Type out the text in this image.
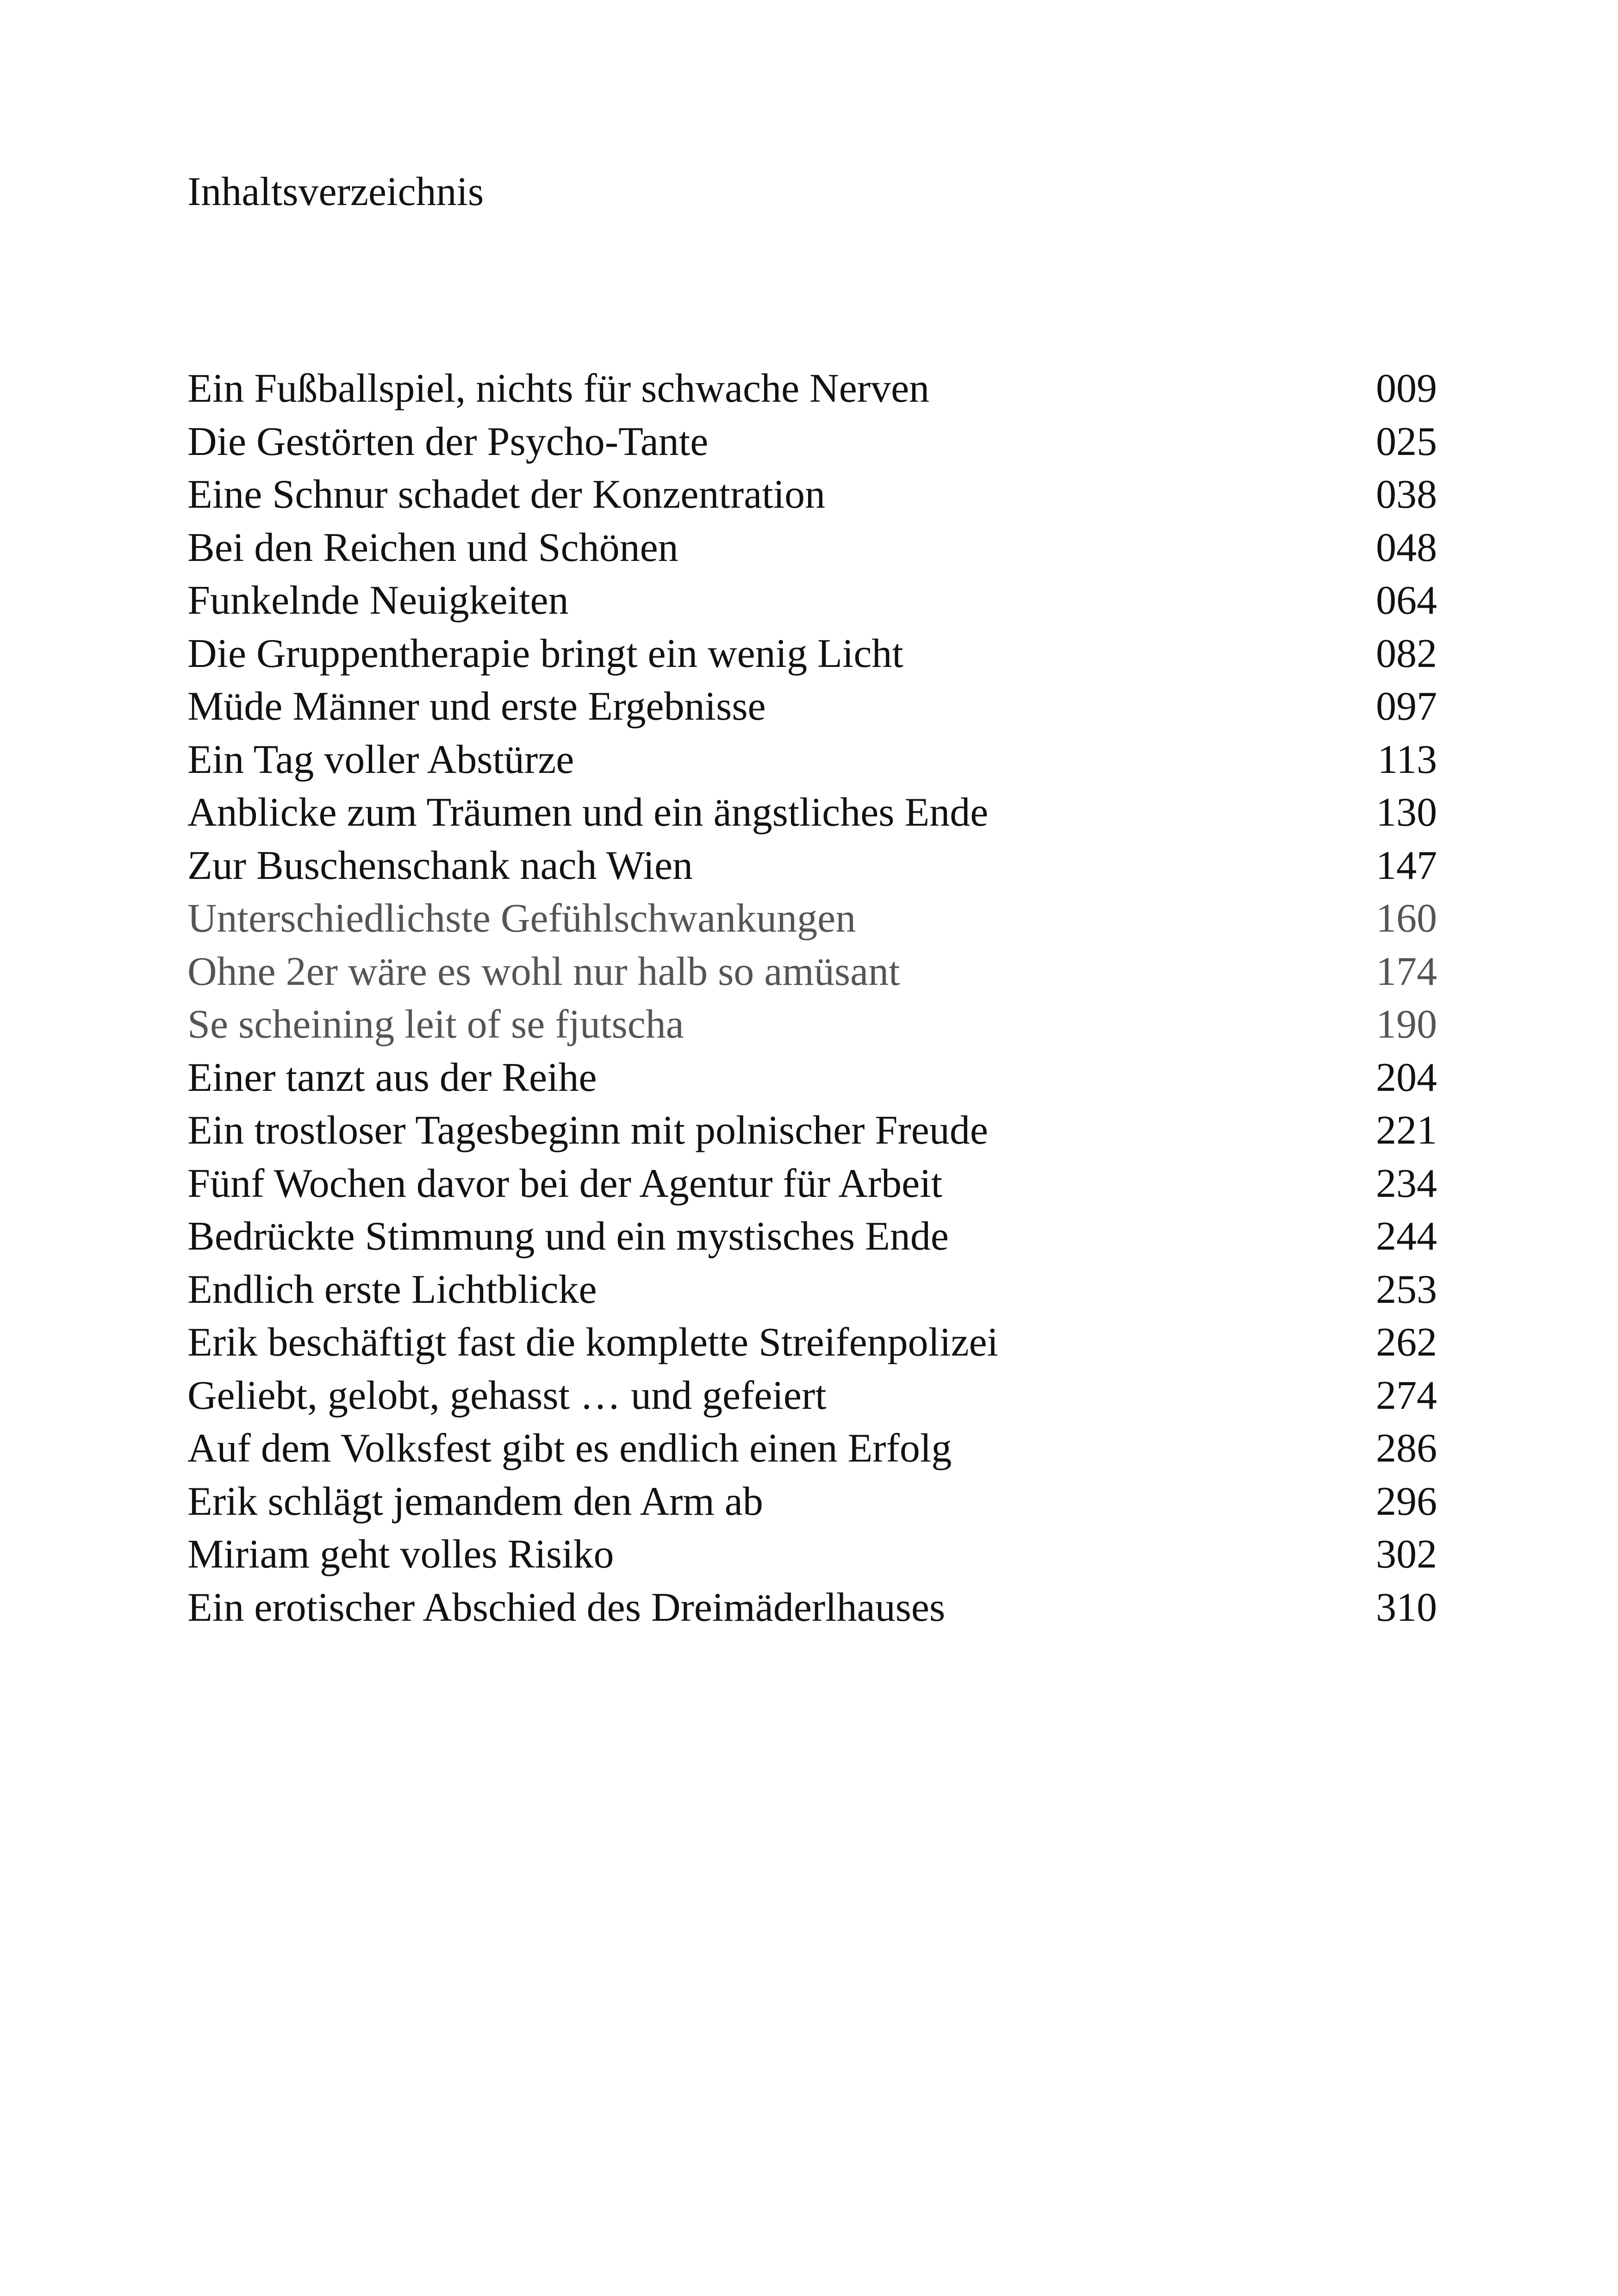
Inhaltsverzeichnis
Ein Fußballspiel, nichts für schwache Nerven	009
Die Gestörten der Psycho-Tante	025
Eine Schnur schadet der Konzentration	038
Bei den Reichen und Schönen	048
Funkelnde Neuigkeiten	064
Die Gruppentherapie bringt ein wenig Licht	082
Müde Männer und erste Ergebnisse	097
Ein Tag voller Abstürze	113
Anblicke zum Träumen und ein ängstliches Ende	130
Zur Buschenschank nach Wien	147
Unterschiedlichste Gefühlschwankungen	160
Ohne 2er wäre es wohl nur halb so amüsant	174
Se scheining leit of se fjutscha	190
Einer tanzt aus der Reihe	204
Ein trostloser Tagesbeginn mit polnischer Freude	221
Fünf Wochen davor bei der Agentur für Arbeit	234
Bedrückte Stimmung und ein mystisches Ende	244
Endlich erste Lichtblicke	253
Erik beschäftigt fast die komplette Streifenpolizei	262
Geliebt, gelobt, gehasst … und gefeiert	274
Auf dem Volksfest gibt es endlich einen Erfolg	286
Erik schlägt jemandem den Arm ab	296
Miriam geht volles Risiko	302
Ein erotischer Abschied des Dreimäderlhauses	310
